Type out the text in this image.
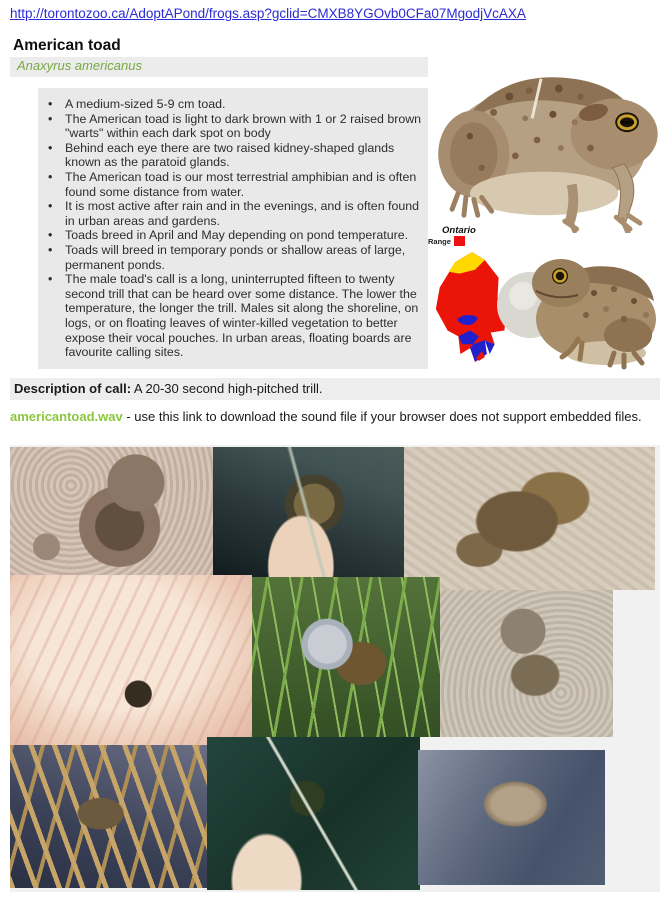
http://torontozoo.ca/AdoptAPond/frogs.asp?gclid=CMXB8YGOvb0CFa07MgodjVcAXA
American toad
Anaxyrus americanus
• A medium-sized 5-9 cm toad.
• The American toad is light to dark brown with 1 or 2 raised brown "warts" within each dark spot on body
• Behind each eye there are two raised kidney-shaped glands known as the paratoid glands.
• The American toad is our most terrestrial amphibian and is often found some distance from water.
• It is most active after rain and in the evenings, and is often found in urban areas and gardens.
• Toads breed in April and May depending on pond temperature.
• Toads will breed in temporary ponds or shallow areas of large, permanent ponds.
• The male toad's call is a long, uninterrupted fifteen to twenty second trill that can be heard over some distance. The lower the temperature, the longer the trill. Males sit along the shoreline, on logs, or on floating leaves of winter-killed vegetation to better expose their vocal pouches. In urban areas, floating boards are favourite calling sites.
Ontario
Range
Description of call: A 20-30 second high-pitched trill.
americantoad.wav - use this link to download the sound file if your browser does not support embedded files.
